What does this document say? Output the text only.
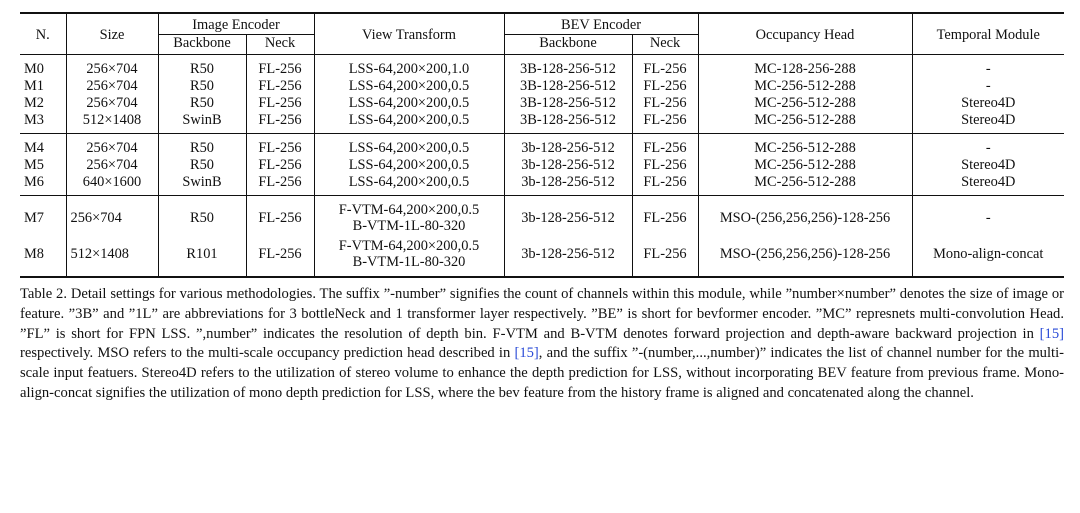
N.	Size	Image Encoder		View Transform	BEV Encoder		Occupancy Head	Temporal Module
		Backbone	Neck		Backbone	Neck		
M0	256×704	R50	FL-256	LSS-64,200×200,1.0	3B-128-256-512	FL-256	MC-128-256-288	-
M1	256×704	R50	FL-256	LSS-64,200×200,0.5	3B-128-256-512	FL-256	MC-256-512-288	-
M2	256×704	R50	FL-256	LSS-64,200×200,0.5	3B-128-256-512	FL-256	MC-256-512-288	Stereo4D
M3	512×1408	SwinB	FL-256	LSS-64,200×200,0.5	3B-128-256-512	FL-256	MC-256-512-288	Stereo4D
M4	256×704	R50	FL-256	LSS-64,200×200,0.5	3b-128-256-512	FL-256	MC-256-512-288	-
M5	256×704	R50	FL-256	LSS-64,200×200,0.5	3b-128-256-512	FL-256	MC-256-512-288	Stereo4D
M6	640×1600	SwinB	FL-256	LSS-64,200×200,0.5	3b-128-256-512	FL-256	MC-256-512-288	Stereo4D
M7	256×704	R50	FL-256	F-VTM-64,200×200,0.5
B-VTM-1L-80-320	3b-128-256-512	FL-256	MSO-(256,256,256)-128-256	-
M8	512×1408	R101	FL-256	F-VTM-64,200×200,0.5
B-VTM-1L-80-320	3b-128-256-512	FL-256	MSO-(256,256,256)-128-256	Mono-align-concat
Table 2. Detail settings for various methodologies. The suffix ”-number” signifies the count of channels within this module, while ”number×number” denotes the size of image or feature. ”3B” and ”1L” are abbreviations for 3 bottleNeck and 1 transformer layer respectively. ”BE” is short for bevformer encoder. ”MC” represnets multi-convolution Head. ”FL” is short for FPN LSS. ”,number” indicates the resolution of depth bin. F-VTM and B-VTM denotes forward projection and depth-aware backward projection in [15] respectively. MSO refers to the multi-scale occupancy prediction head described in [15], and the suffix ”-(number,...,number)” indicates the list of channel number for the multi-scale input featuers. Stereo4D refers to the utilization of stereo volume to enhance the depth prediction for LSS, without incorporating BEV feature from previous frame. Mono-align-concat signifies the utilization of mono depth prediction for LSS, where the bev feature from the history frame is aligned and concatenated along the channel.
